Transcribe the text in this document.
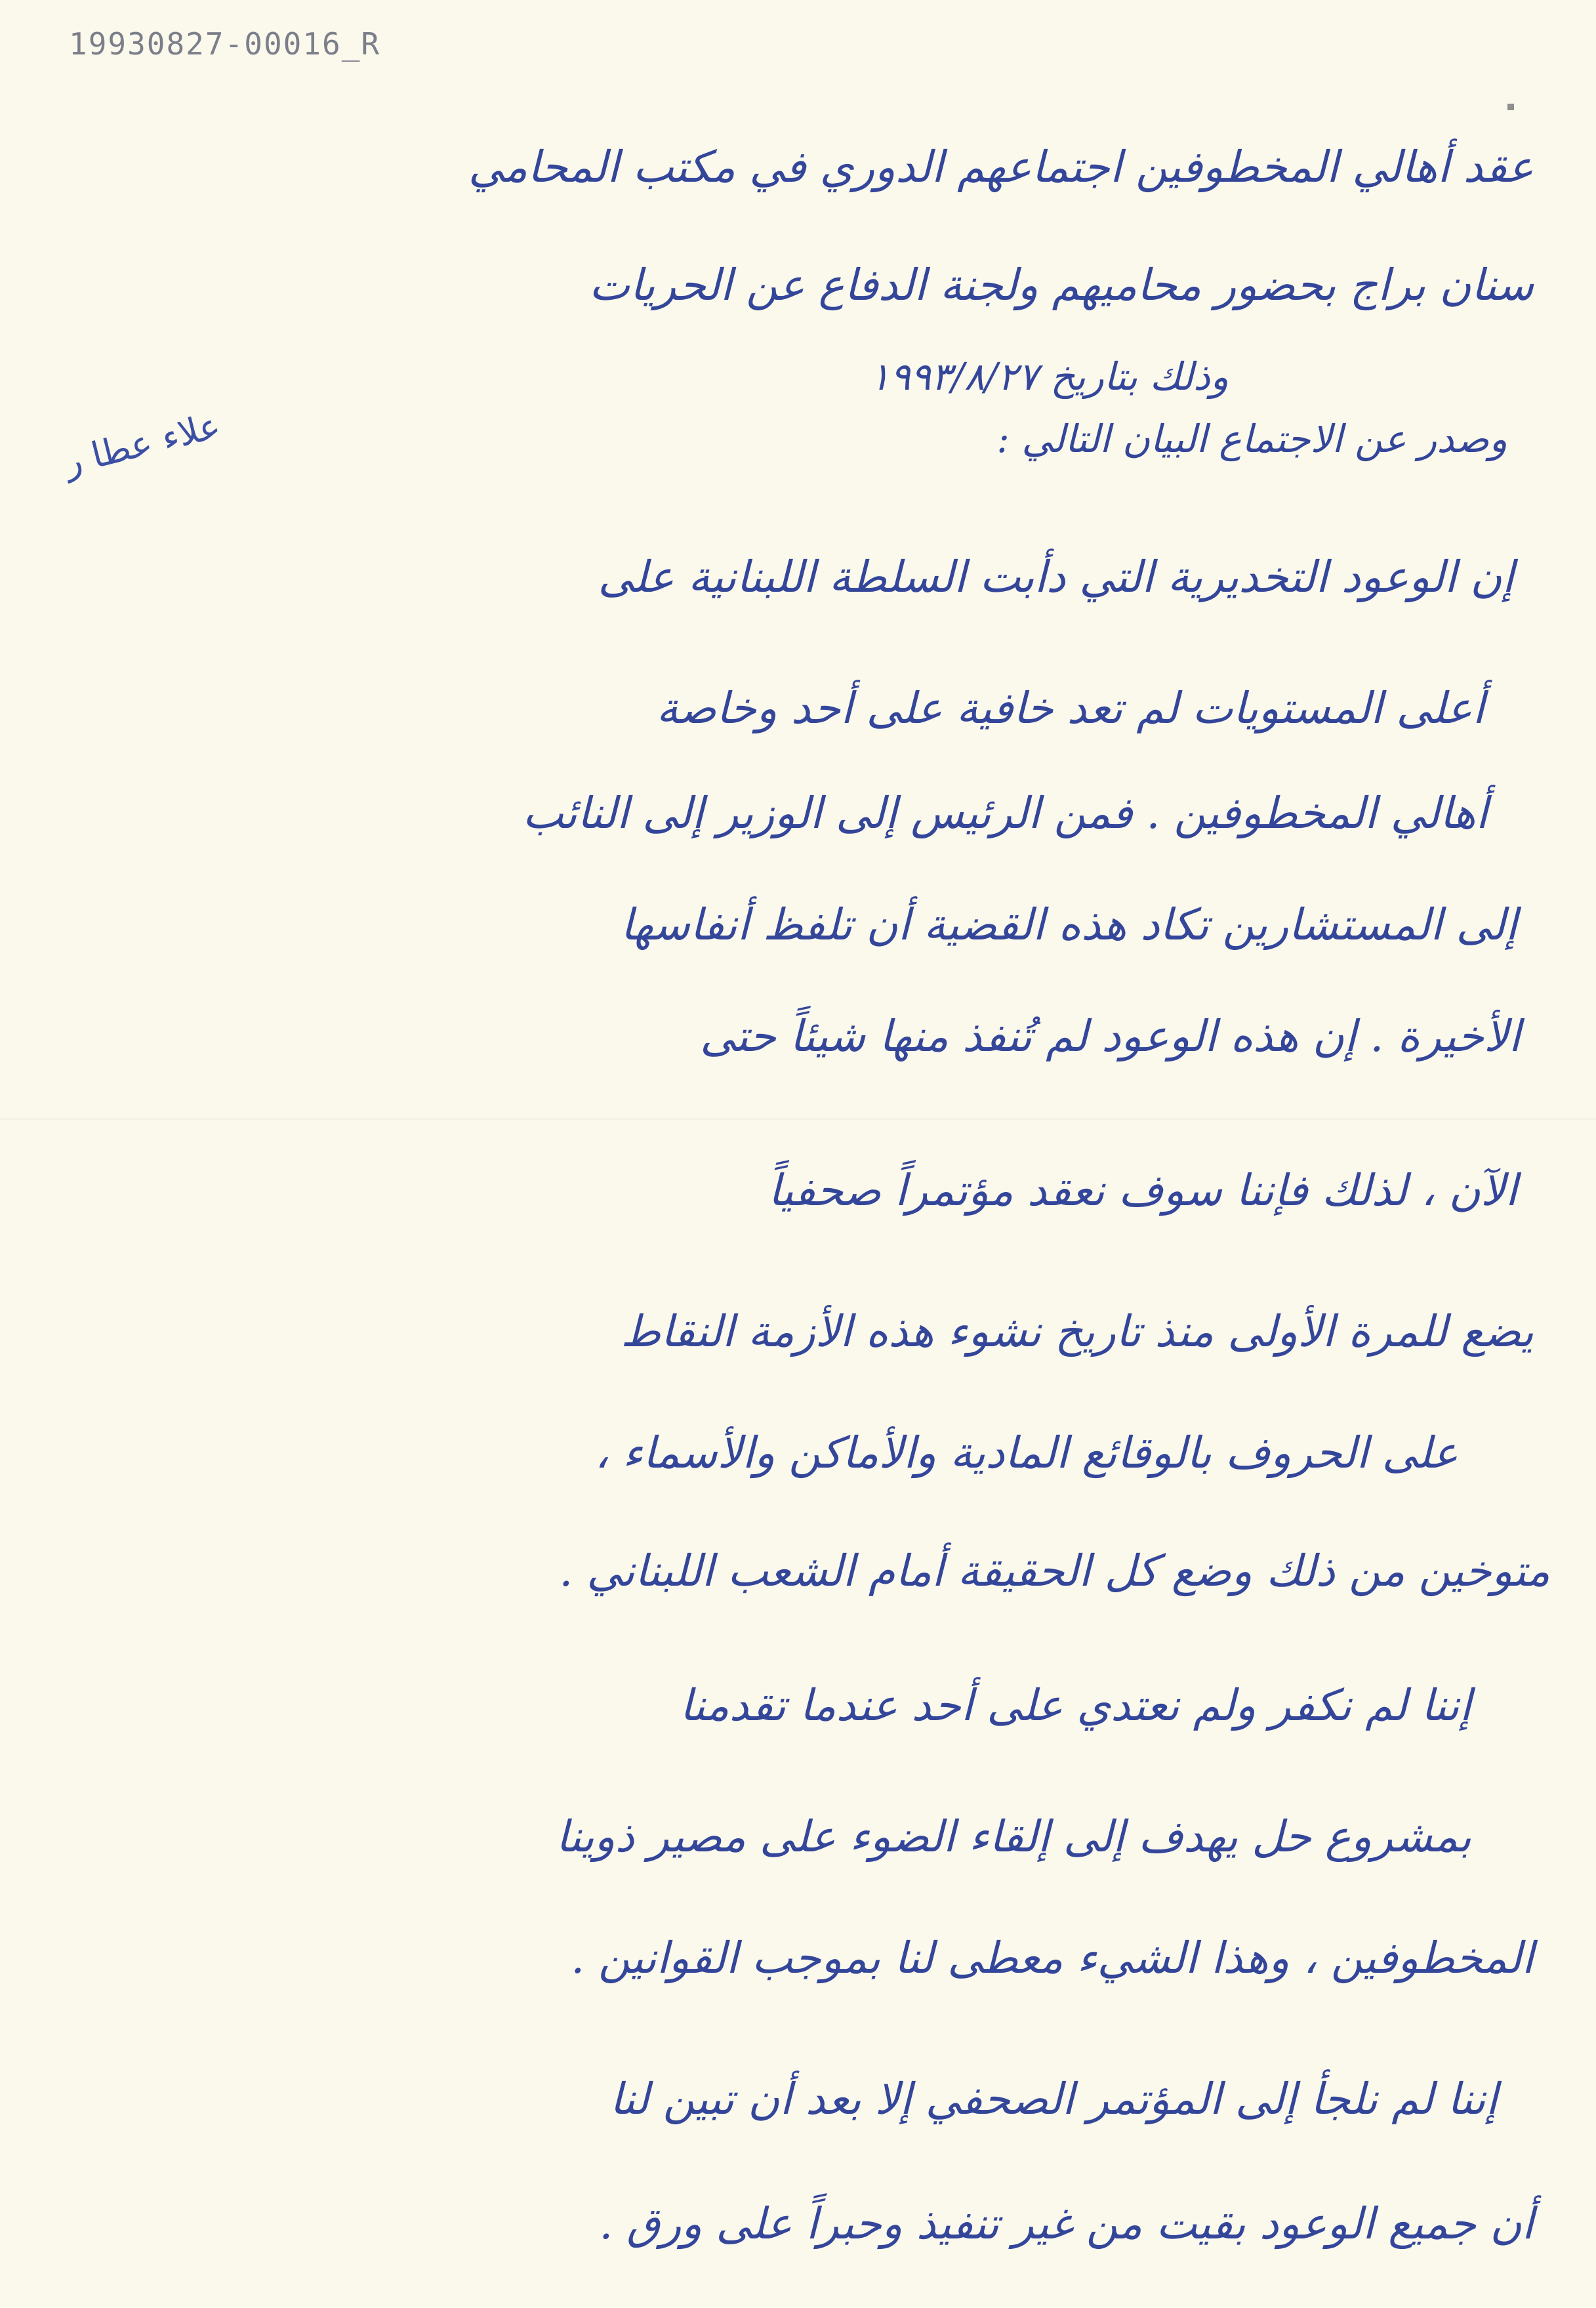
19930827-00016_R
علاء عطا ر
عقد أهالي المخطوفين اجتماعهم الدوري في مكتب المحامي
سنان براج بحضور محاميهم ولجنة الدفاع عن الحريات
وذلك بتاريخ ١٩٩٣/٨/٢٧
وصدر عن الاجتماع البيان التالي :
إن الوعود التخديرية التي دأبت السلطة اللبنانية على
أعلى المستويات لم تعد خافية على أحد وخاصة
أهالي المخطوفين . فمن الرئيس إلى الوزير إلى النائب
إلى المستشارين تكاد هذه القضية أن تلفظ أنفاسها
الأخيرة . إن هذه الوعود لم تُنفذ منها شيئاً حتى
الآن ، لذلك فإننا سوف نعقد مؤتمراً صحفياً
يضع للمرة الأولى منذ تاريخ نشوء هذه الأزمة النقاط
على الحروف بالوقائع المادية والأماكن والأسماء ،
متوخين من ذلك وضع كل الحقيقة أمام الشعب اللبناني .
إننا لم نكفر ولم نعتدي على أحد عندما تقدمنا
بمشروع حل يهدف إلى إلقاء الضوء على مصير ذوينا
المخطوفين ، وهذا الشيء معطى لنا بموجب القوانين .
إننا لم نلجأ إلى المؤتمر الصحفي إلا بعد أن تبين لنا
أن جميع الوعود بقيت من غير تنفيذ وحبراً على ورق .
